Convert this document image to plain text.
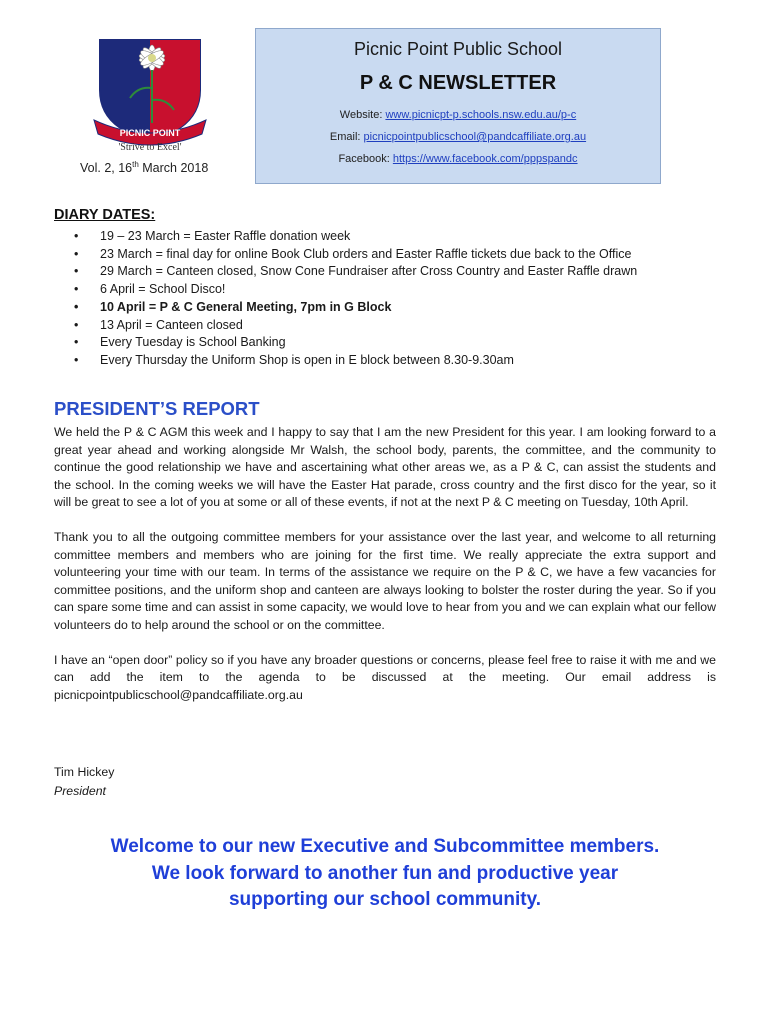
PICNIC POINT
'Strive to Excel'
Vol. 2, 16th March 2018
Picnic Point Public School
P & C NEWSLETTER
Website: www.picnicpt-p.schools.nsw.edu.au/p-c
Email: picnicpointpublicschool@pandcaffiliate.org.au
Facebook: https://www.facebook.com/pppspandc
DIARY DATES:
• 19 – 23 March = Easter Raffle donation week
• 23 March = final day for online Book Club orders and Easter Raffle tickets due back to the Office
• 29 March = Canteen closed, Snow Cone Fundraiser after Cross Country and Easter Raffle drawn
• 6 April = School Disco!
• 10 April = P & C General Meeting, 7pm in G Block
• 13 April = Canteen closed
• Every Tuesday is School Banking
• Every Thursday the Uniform Shop is open in E block between 8.30-9.30am
PRESIDENT’S REPORT

We held the P & C AGM this week and I happy to say that I am the new President for this year. I am looking forward to a great year ahead and working alongside Mr Walsh, the school body, parents, the committee, and the community to continue the good relationship we have and ascertaining what other areas we, as a P & C, can assist the students and the school. In the coming weeks we will have the Easter Hat parade, cross country and the first disco for the year, so it will be great to see a lot of you at some or all of these events, if not at the next P & C meeting on Tuesday, 10th April.

Thank you to all the outgoing committee members for your assistance over the last year, and welcome to all returning committee members and members who are joining for the first time. We really appreciate the extra support and volunteering your time with our team. In terms of the assistance we require on the P & C, we have a few vacancies for committee positions, and the uniform shop and canteen are always looking to bolster the roster during the year. So if you can spare some time and can assist in some capacity, we would love to hear from you and we can explain what our fellow volunteers do to help around the school or on the committee.

I have an “open door” policy so if you have any broader questions or concerns, please feel free to raise it with me and we can add the item to the agenda to be discussed at the meeting. Our email address is picnicpointpublicschool@pandcaffiliate.org.au

Tim Hickey
President
Welcome to our new Executive and Subcommittee members.
We look forward to another fun and productive year
supporting our school community.
